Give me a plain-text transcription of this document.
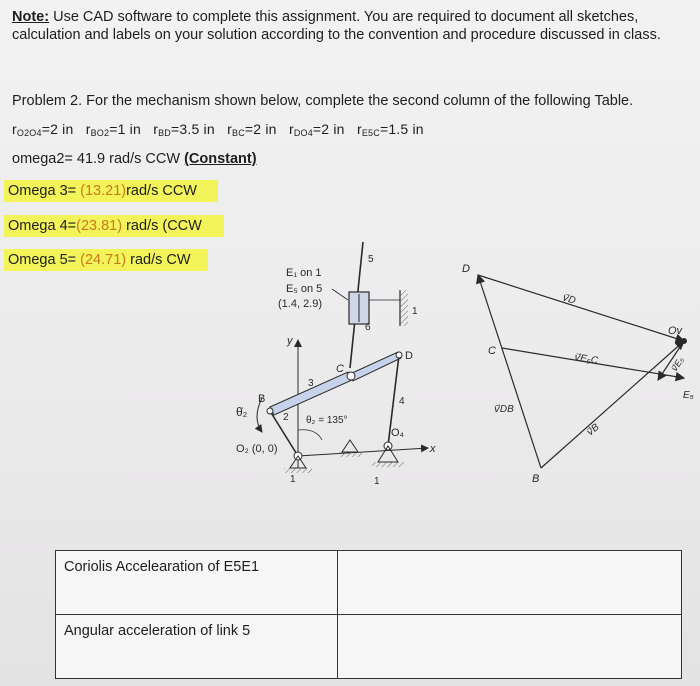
Note: Use CAD software to complete this assignment. You are required to document all sketches, calculation and labels on your solution according to the convention and procedure discussed in class.
Problem 2. For the mechanism shown below, complete the second column of the following Table.
$r_{O2O4}=2$ in $r_{BO2}=1$ in $r_{BD}=3.5$ in $r_{BC}=2$ in $r_{DO4}=2$ in $r_{E5C}=1.5$ in
omega2= 41.9 rad/s CCW (Constant)
Omega 3= (13.21)rad/s CCW
Omega 4=(23.81) rad/s (CCW
Omega 5= (24.71) rad/s CW
E₁ on 1
E₅ on 5
(1.4, 2.9)
y
x
5
6
1
3
4
2
B
C
D
O₄
O₂ (0, 0)
θ̇₂
θ₂ = 135°
1	1
D
C
B
Ov
E₅
v⃗D
v⃗E₅C
v⃗DB
v⃗E₅
v⃗B
Coriolis Accelearation of E5E1	
Angular acceleration of link 5	
